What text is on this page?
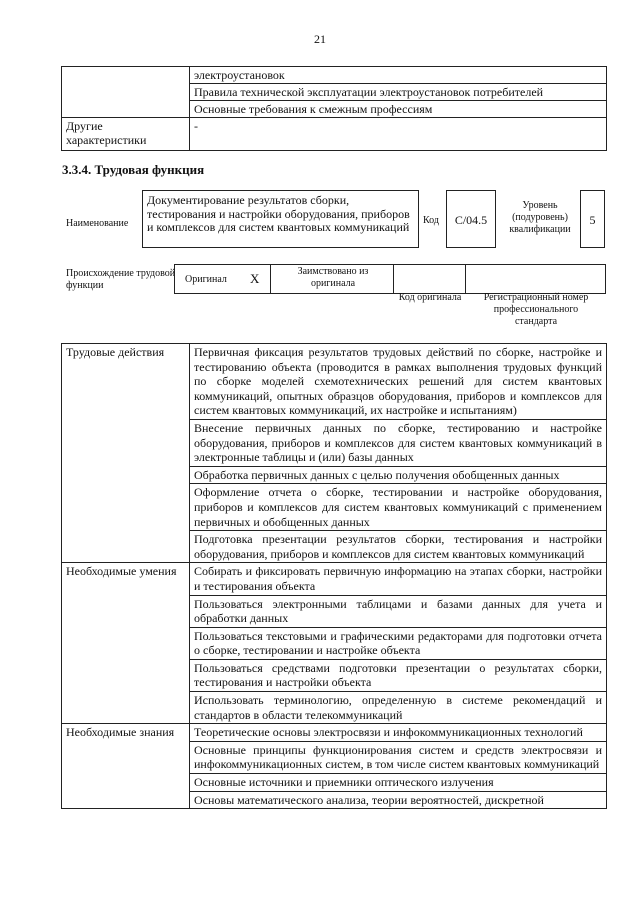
21
	электроустановок
	Правила технической эксплуатации электроустановок потребителей
	Основные требования к смежным профессиям
Другие характеристики	-
3.3.4. Трудовая функция
Наименование
Документирование результатов сборки, тестирования и настройки оборудования, приборов и комплексов для систем квантовых коммуникаций	Код	С/04.5
Уровень (подуровень) квалификации
5
Происхождение трудовой функции
Оригинал Х	Заимствовано из оригинала
Код оригинала	Регистрационный номер профессионального стандарта
Трудовые действия	Первичная фиксация результатов трудовых действий по сборке, настройке и тестированию объекта (проводится в рамках выполнения трудовых функций по сборке моделей схемотехнических решений для систем квантовых коммуникаций, опытных образцов оборудования, приборов и комплексов для систем квантовых коммуникаций, их настройке и испытаниям)
	Внесение первичных данных по сборке, тестированию и настройке оборудования, приборов и комплексов для систем квантовых коммуникаций в электронные таблицы и (или) базы данных
	Обработка первичных данных с целью получения обобщенных данных
	Оформление отчета о сборке, тестировании и настройке оборудования, приборов и комплексов для систем квантовых коммуникаций с применением первичных и обобщенных данных
	Подготовка презентации результатов сборки, тестирования и настройки оборудования, приборов и комплексов для систем квантовых коммуникаций
Необходимые умения	Собирать и фиксировать первичную информацию на этапах сборки, настройки и тестирования объекта
	Пользоваться электронными таблицами и базами данных для учета и обработки данных
	Пользоваться текстовыми и графическими редакторами для подготовки отчета о сборке, тестировании и настройке объекта
	Пользоваться средствами подготовки презентации о результатах сборки, тестирования и настройки объекта
	Использовать терминологию, определенную в системе рекомендаций и стандартов в области телекоммуникаций
Необходимые знания	Теоретические основы электросвязи и инфокоммуникационных технологий
	Основные принципы функционирования систем и средств электросвязи и инфокоммуникационных систем, в том числе систем квантовых коммуникаций
	Основные источники и приемники оптического излучения
	Основы математического анализа, теории вероятностей, дискретной
